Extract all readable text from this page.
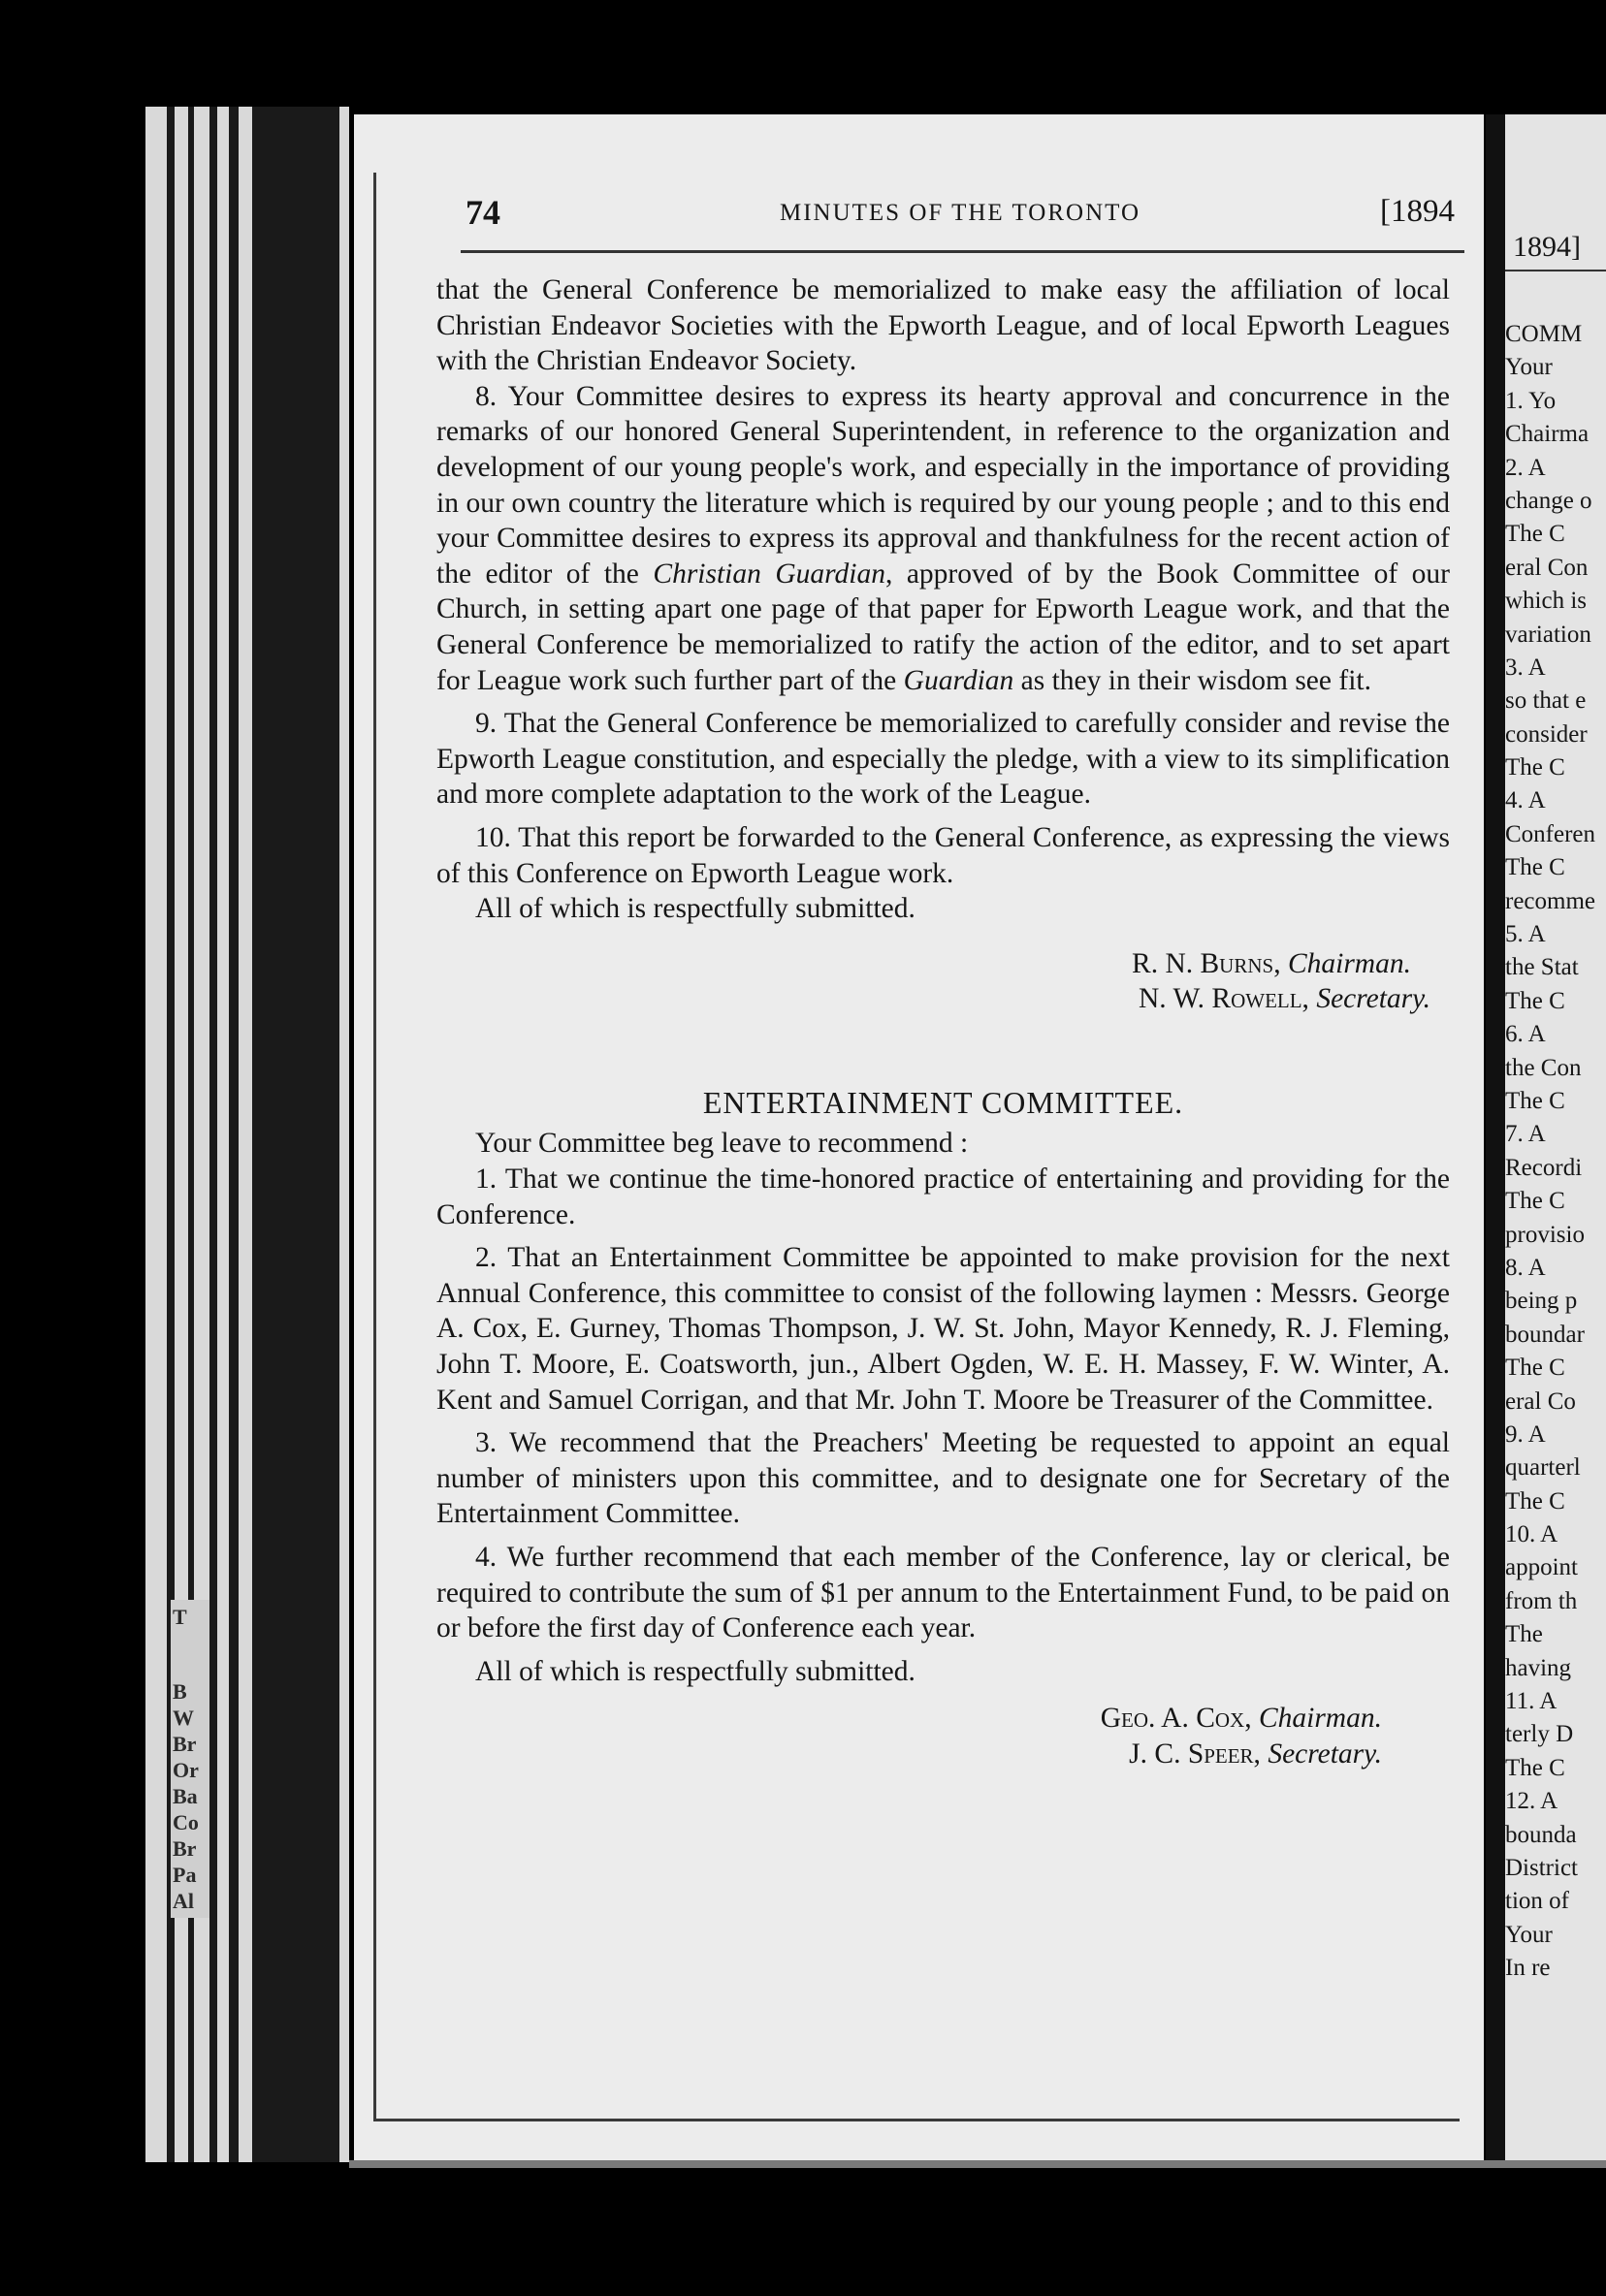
T
B
W
Br
Or
Ba
Co
Br
Pa
Al
74	MINUTES OF THE TORONTO	[1894

that the General Conference be memorialized to make easy the affiliation of local Christian Endeavor Societies with the Epworth League, and of local Epworth Leagues with the Christian Endeavor Society.

8. Your Committee desires to express its hearty approval and concurrence in the remarks of our honored General Superintendent, in reference to the organization and development of our young people's work, and especially in the importance of providing in our own country the literature which is required by our young people ; and to this end your Committee desires to express its approval and thankfulness for the recent action of the editor of the Christian Guardian, approved of by the Book Committee of our Church, in setting apart one page of that paper for Epworth League work, and that the General Conference be memorialized to ratify the action of the editor, and to set apart for League work such further part of the Guardian as they in their wisdom see fit.

9. That the General Conference be memorialized to carefully consider and revise the Epworth League constitution, and especially the pledge, with a view to its simplification and more complete adaptation to the work of the League.

10. That this report be forwarded to the General Conference, as expressing the views of this Conference on Epworth League work.

All of which is respectfully submitted.

R. N. Burns, Chairman.

N. W. Rowell, Secretary.

ENTERTAINMENT COMMITTEE.

Your Committee beg leave to recommend :

1. That we continue the time-honored practice of entertaining and providing for the Conference.

2. That an Entertainment Committee be appointed to make provision for the next Annual Conference, this committee to consist of the following laymen : Messrs. George A. Cox, E. Gurney, Thomas Thompson, J. W. St. John, Mayor Kennedy, R. J. Fleming, John T. Moore, E. Coatsworth, jun., Albert Ogden, W. E. H. Massey, F. W. Winter, A. Kent and Samuel Corrigan, and that Mr. John T. Moore be Treasurer of the Committee.

3. We recommend that the Preachers' Meeting be requested to appoint an equal number of ministers upon this committee, and to designate one for Secretary of the Entertainment Committee.

4. We further recommend that each member of the Conference, lay or clerical, be required to contribute the sum of $1 per annum to the Entertainment Fund, to be paid on or before the first day of Conference each year.

All of which is respectfully submitted.

Geo. A. Cox, Chairman.

J. C. Speer, Secretary.

1894]
COMM
Your
1. Yo
Chairma
2. A
change o
The C
eral Con
which is
variation
3. A
so that e
consider
The C
4. A
Conferen
The C
recomme
5. A
the Stat
The C
6. A
the Con
The C
7. A
Recordi
The C
provisio
8. A
being p
boundar
The C
eral Co
9. A
quarterl
The C
10. A
appoint
from th
The
having
11. A
terly D
The C
12. A
bounda
District
tion of
Your
In re
